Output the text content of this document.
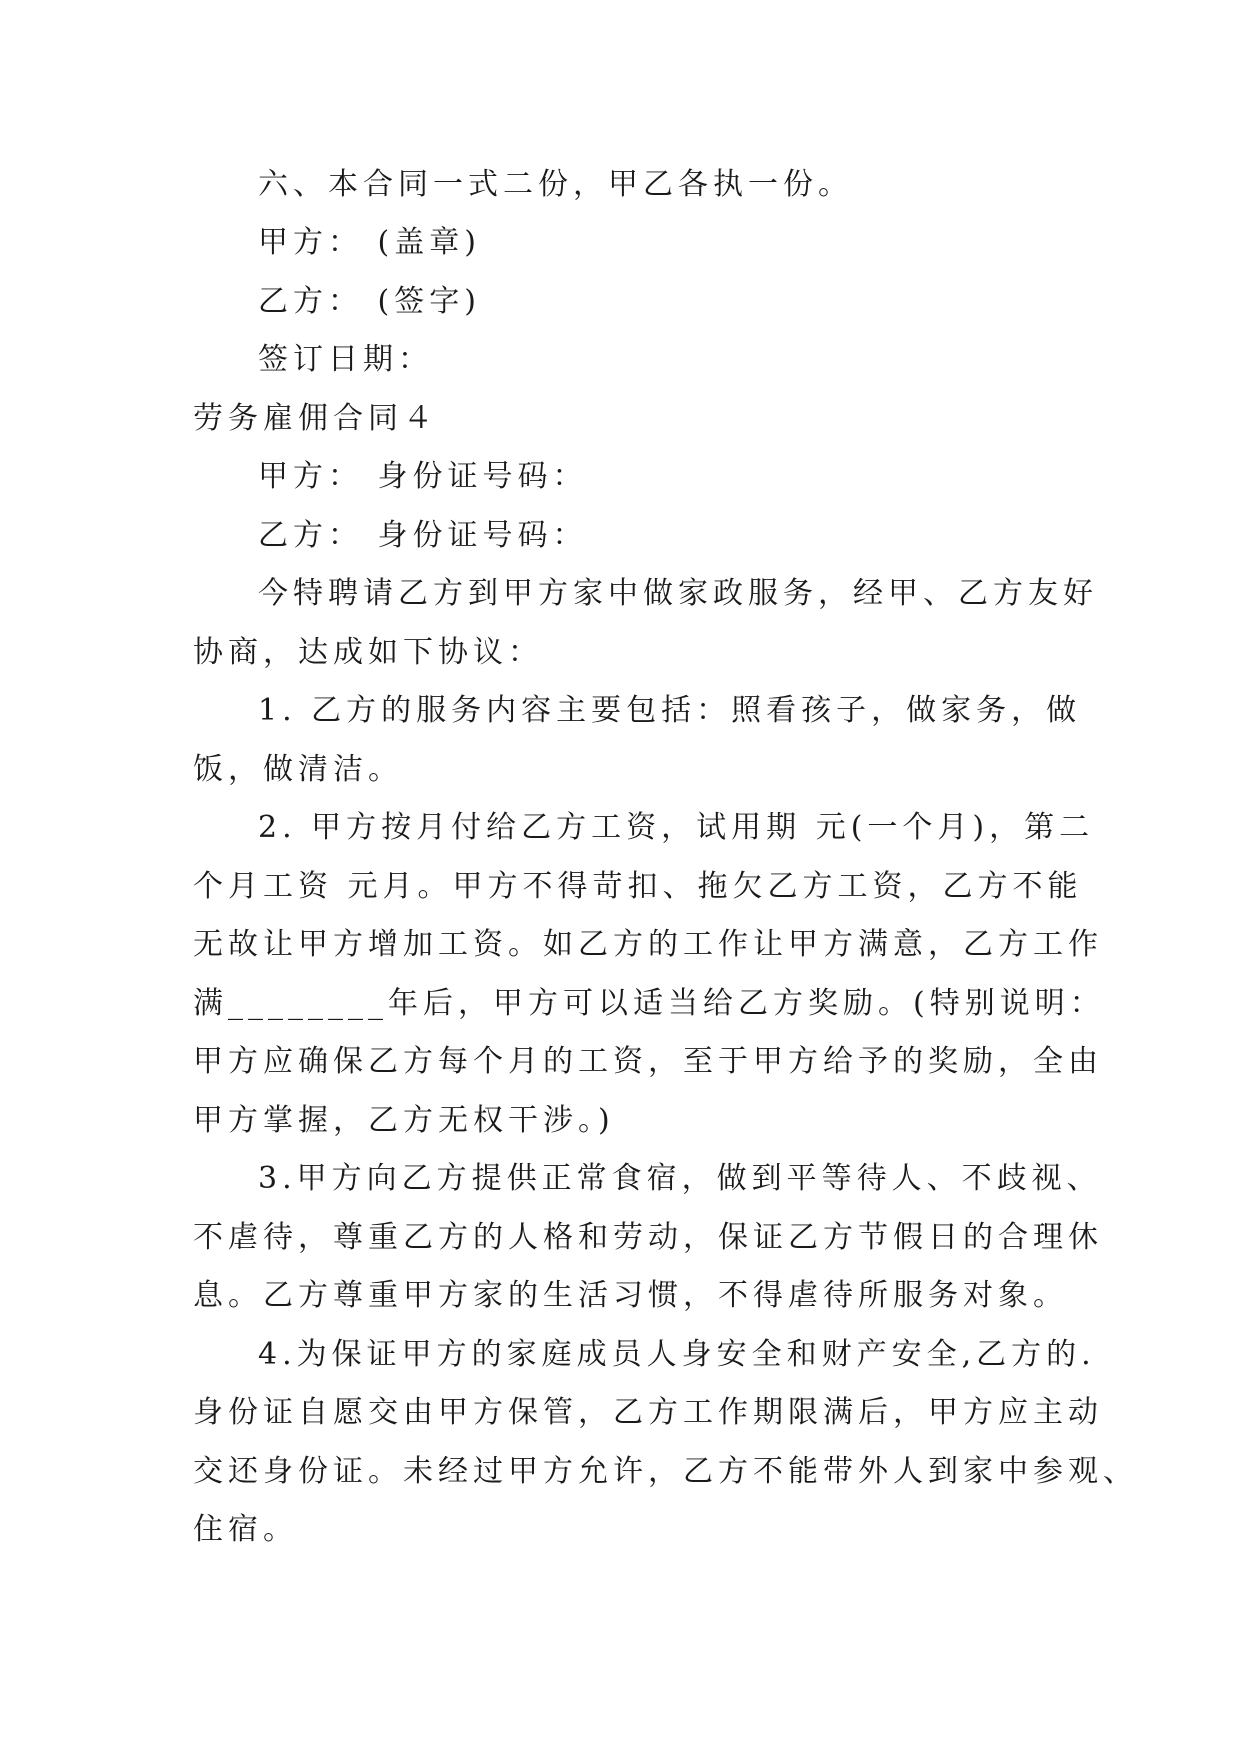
六、本合同一式二份，甲乙各执一份。
甲方： (盖章)
乙方： (签字)
签订日期：
劳务雇佣合同４
甲方： 身份证号码：
乙方： 身份证号码：
今特聘请乙方到甲方家中做家政服务，经甲、乙方友好
协商，达成如下协议：
1. 乙方的服务内容主要包括：照看孩子，做家务，做
饭，做清洁。
2. 甲方按月付给乙方工资，试用期 元(一个月)，第二
个月工资 元月。甲方不得苛扣、拖欠乙方工资，乙方不能
无故让甲方增加工资。如乙方的工作让甲方满意，乙方工作
满________年后，甲方可以适当给乙方奖励。(特别说明：
甲方应确保乙方每个月的工资，至于甲方给予的奖励，全由
甲方掌握，乙方无权干涉。)
3.甲方向乙方提供正常食宿，做到平等待人、不歧视、
不虐待，尊重乙方的人格和劳动，保证乙方节假日的合理休
息。乙方尊重甲方家的生活习惯，不得虐待所服务对象。
4.为保证甲方的家庭成员人身安全和财产安全,乙方的.
身份证自愿交由甲方保管，乙方工作期限满后，甲方应主动
交还身份证。未经过甲方允许，乙方不能带外人到家中参观、
住宿。
